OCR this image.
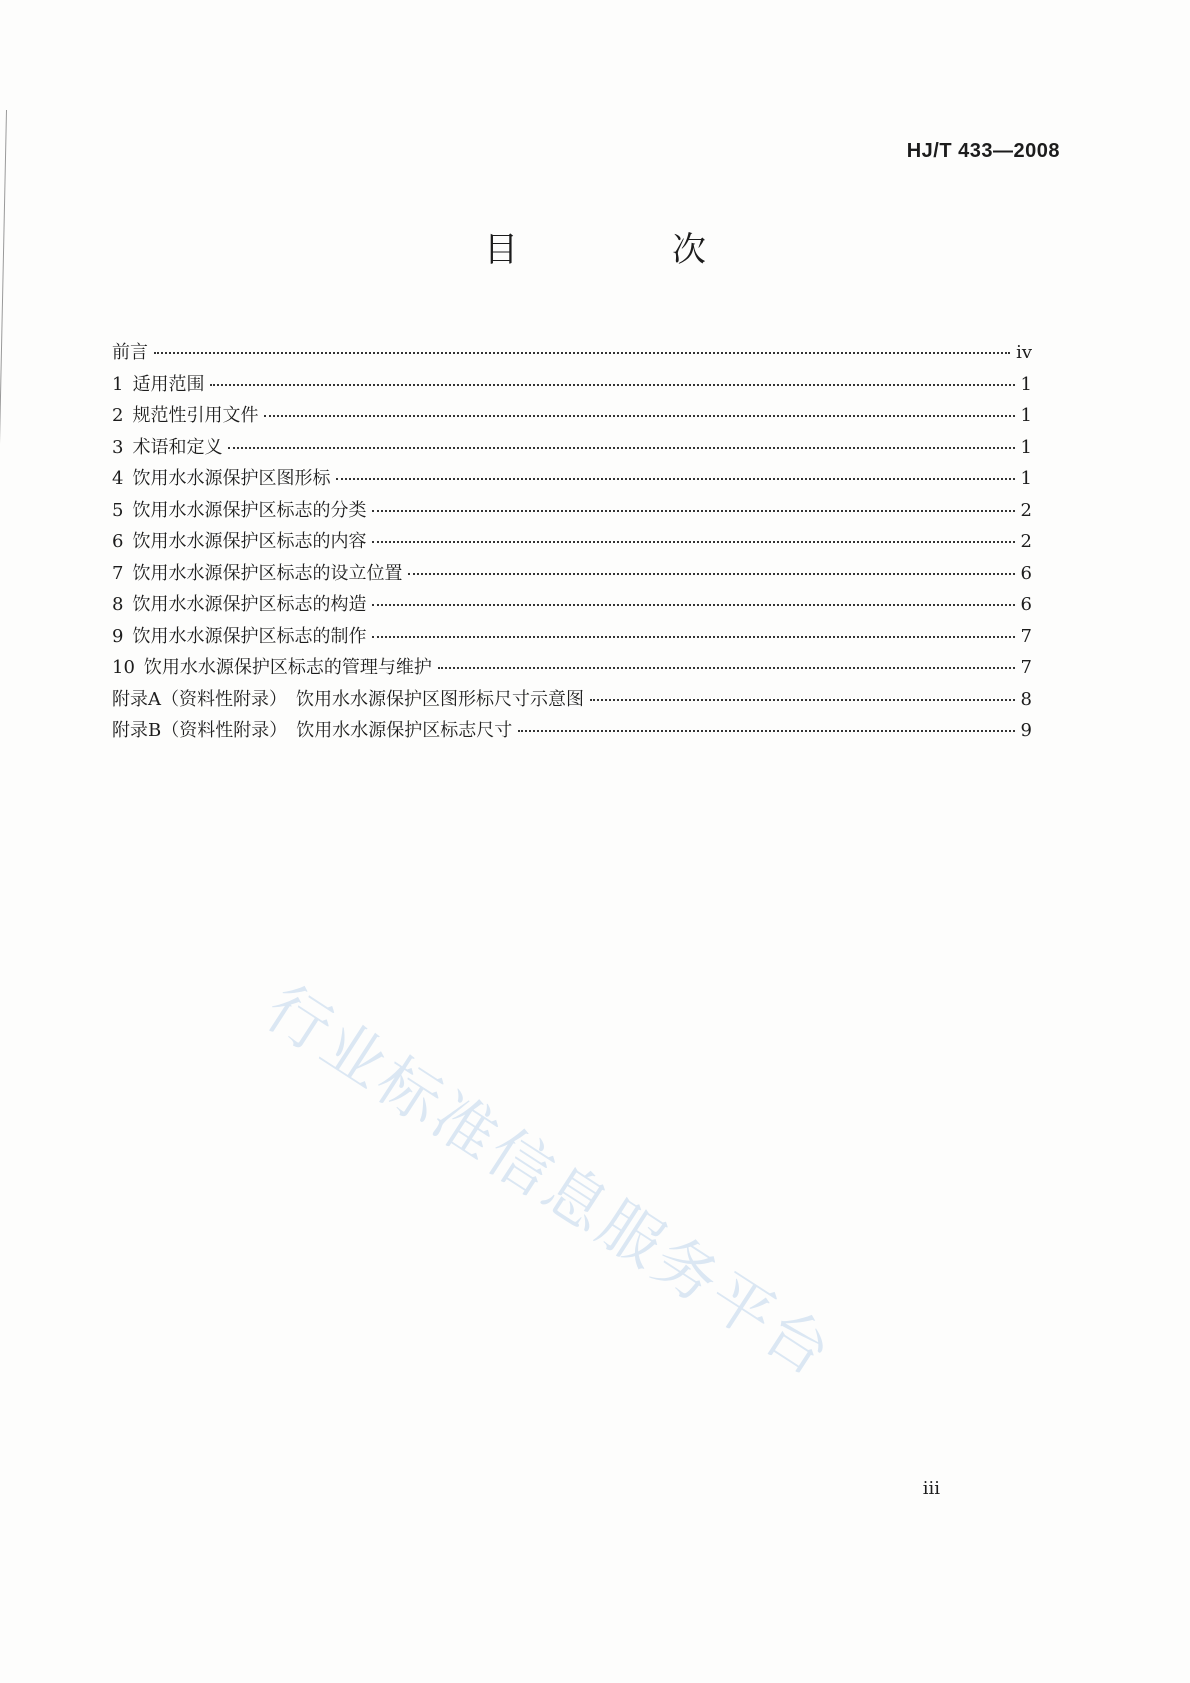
HJ/T 433—2008
目　次
前言	iv
1 适用范围	1
2 规范性引用文件	1
3 术语和定义	1
4 饮用水水源保护区图形标	1
5 饮用水水源保护区标志的分类	2
6 饮用水水源保护区标志的内容	2
7 饮用水水源保护区标志的设立位置	6
8 饮用水水源保护区标志的构造	6
9 饮用水水源保护区标志的制作	7
10 饮用水水源保护区标志的管理与维护	7
附录A（资料性附录）　饮用水水源保护区图形标尺寸示意图	8
附录B（资料性附录）　饮用水水源保护区标志尺寸	9
行业标准信息服务平台
iii
